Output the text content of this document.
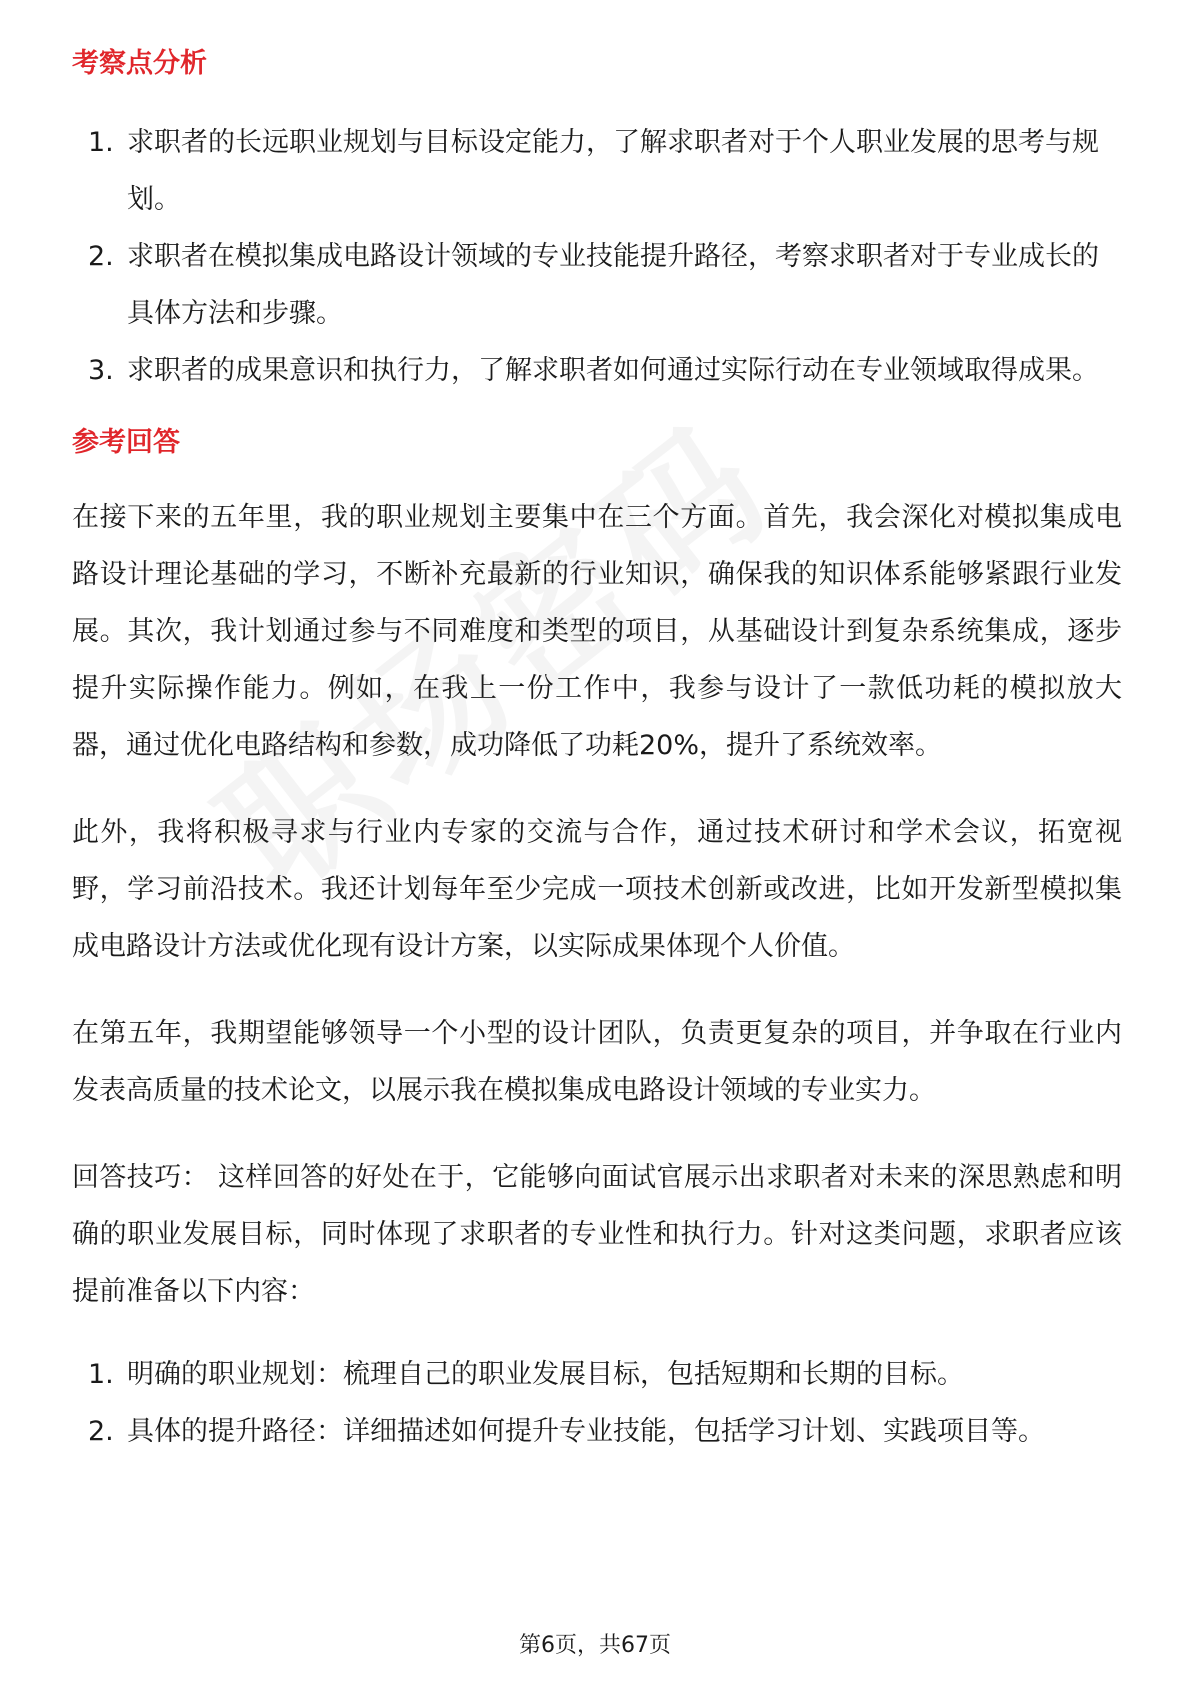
考察点分析
1. 求职者的长远职业规划与目标设定能力，了解求职者对于个人职业发展的思考与规划。
2. 求职者在模拟集成电路设计领域的专业技能提升路径，考察求职者对于专业成长的具体方法和步骤。
3. 求职者的成果意识和执行力，了解求职者如何通过实际行动在专业领域取得成果。
参考回答

在接下来的五年里，我的职业规划主要集中在三个方面。首先，我会深化对模拟集成电路设计理论基础的学习，不断补充最新的行业知识，确保我的知识体系能够紧跟行业发展。其次，我计划通过参与不同难度和类型的项目，从基础设计到复杂系统集成，逐步提升实际操作能力。例如，在我上一份工作中，我参与设计了一款低功耗的模拟放大器，通过优化电路结构和参数，成功降低了功耗20%，提升了系统效率。

此外，我将积极寻求与行业内专家的交流与合作，通过技术研讨和学术会议，拓宽视野，学习前沿技术。我还计划每年至少完成一项技术创新或改进，比如开发新型模拟集成电路设计方法或优化现有设计方案，以实际成果体现个人价值。

在第五年，我期望能够领导一个小型的设计团队，负责更复杂的项目，并争取在行业内发表高质量的技术论文，以展示我在模拟集成电路设计领域的专业实力。

回答技巧： 这样回答的好处在于，它能够向面试官展示出求职者对未来的深思熟虑和明确的职业发展目标，同时体现了求职者的专业性和执行力。针对这类问题，求职者应该提前准备以下内容：

1. 明确的职业规划：梳理自己的职业发展目标，包括短期和长期的目标。
2. 具体的提升路径：详细描述如何提升专业技能，包括学习计划、实践项目等。
第6页，共67页
